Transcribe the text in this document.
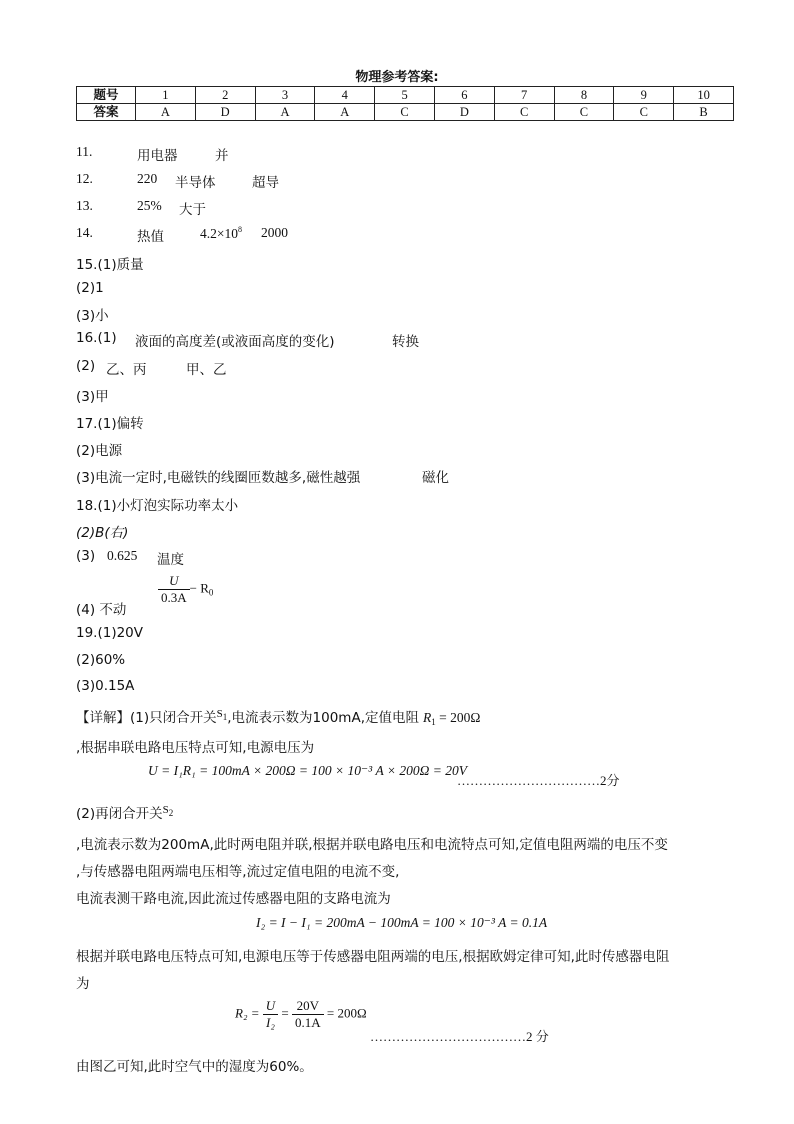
物理参考答案:
题号	1	2	3	4	5	6	7	8	9	10
答案	A	D	A	A	C	D	C	C	C	B
11.	用电器	并
12.	220 半导体	超导
13.	25% 大于
14.	热值	$4.2\times 10^8$ 2000
15.(1)质量
(2)1
(3)小
16.(1) 液面的高度差(或液面高度的变化)	转换
(2) 乙、丙	甲、乙
(3)甲
17.(1)偏转
(2)电源
(3)电流一定时,电磁铁的线圈匝数越多,磁性越强	磁化
18.(1)小灯泡实际功率太小
(2)B(右)
(3) 0.625 温度
(4) 不动
$\frac{U}{0.3A} - R_0$
19.(1)20V
(2)60%
(3)0.15A
【详解】(1)只闭合开关$^{S_1}$,电流表示数为100mA,定值电阻 $R_1 = 200\Omega$
,根据串联电路电压特点可知,电源电压为
U = I₁R₁ = 100mA × 200Ω = 100 × 10⁻³ A × 200Ω = 20V
……………………………2分
(2)再闭合开关$^{S_2}$
,电流表示数为200mA,此时两电阻并联,根据并联电路电压和电流特点可知,定值电阻两端的电压不变
,与传感器电阻两端电压相等,流过定值电阻的电流不变,
电流表测干路电流,因此流过传感器电阻的支路电流为
I₂ = I − I₁ = 200mA − 100mA = 100 × 10⁻³ A = 0.1A
根据并联电路电压特点可知,电源电压等于传感器电阻两端的电压,根据欧姆定律可知,此时传感器电阻
为
$R_2 = \frac{U}{\text{I₂}} = \frac{20V}{0.1A} = 200\Omega$
………………………………2 分
由图乙可知,此时空气中的湿度为60%。
